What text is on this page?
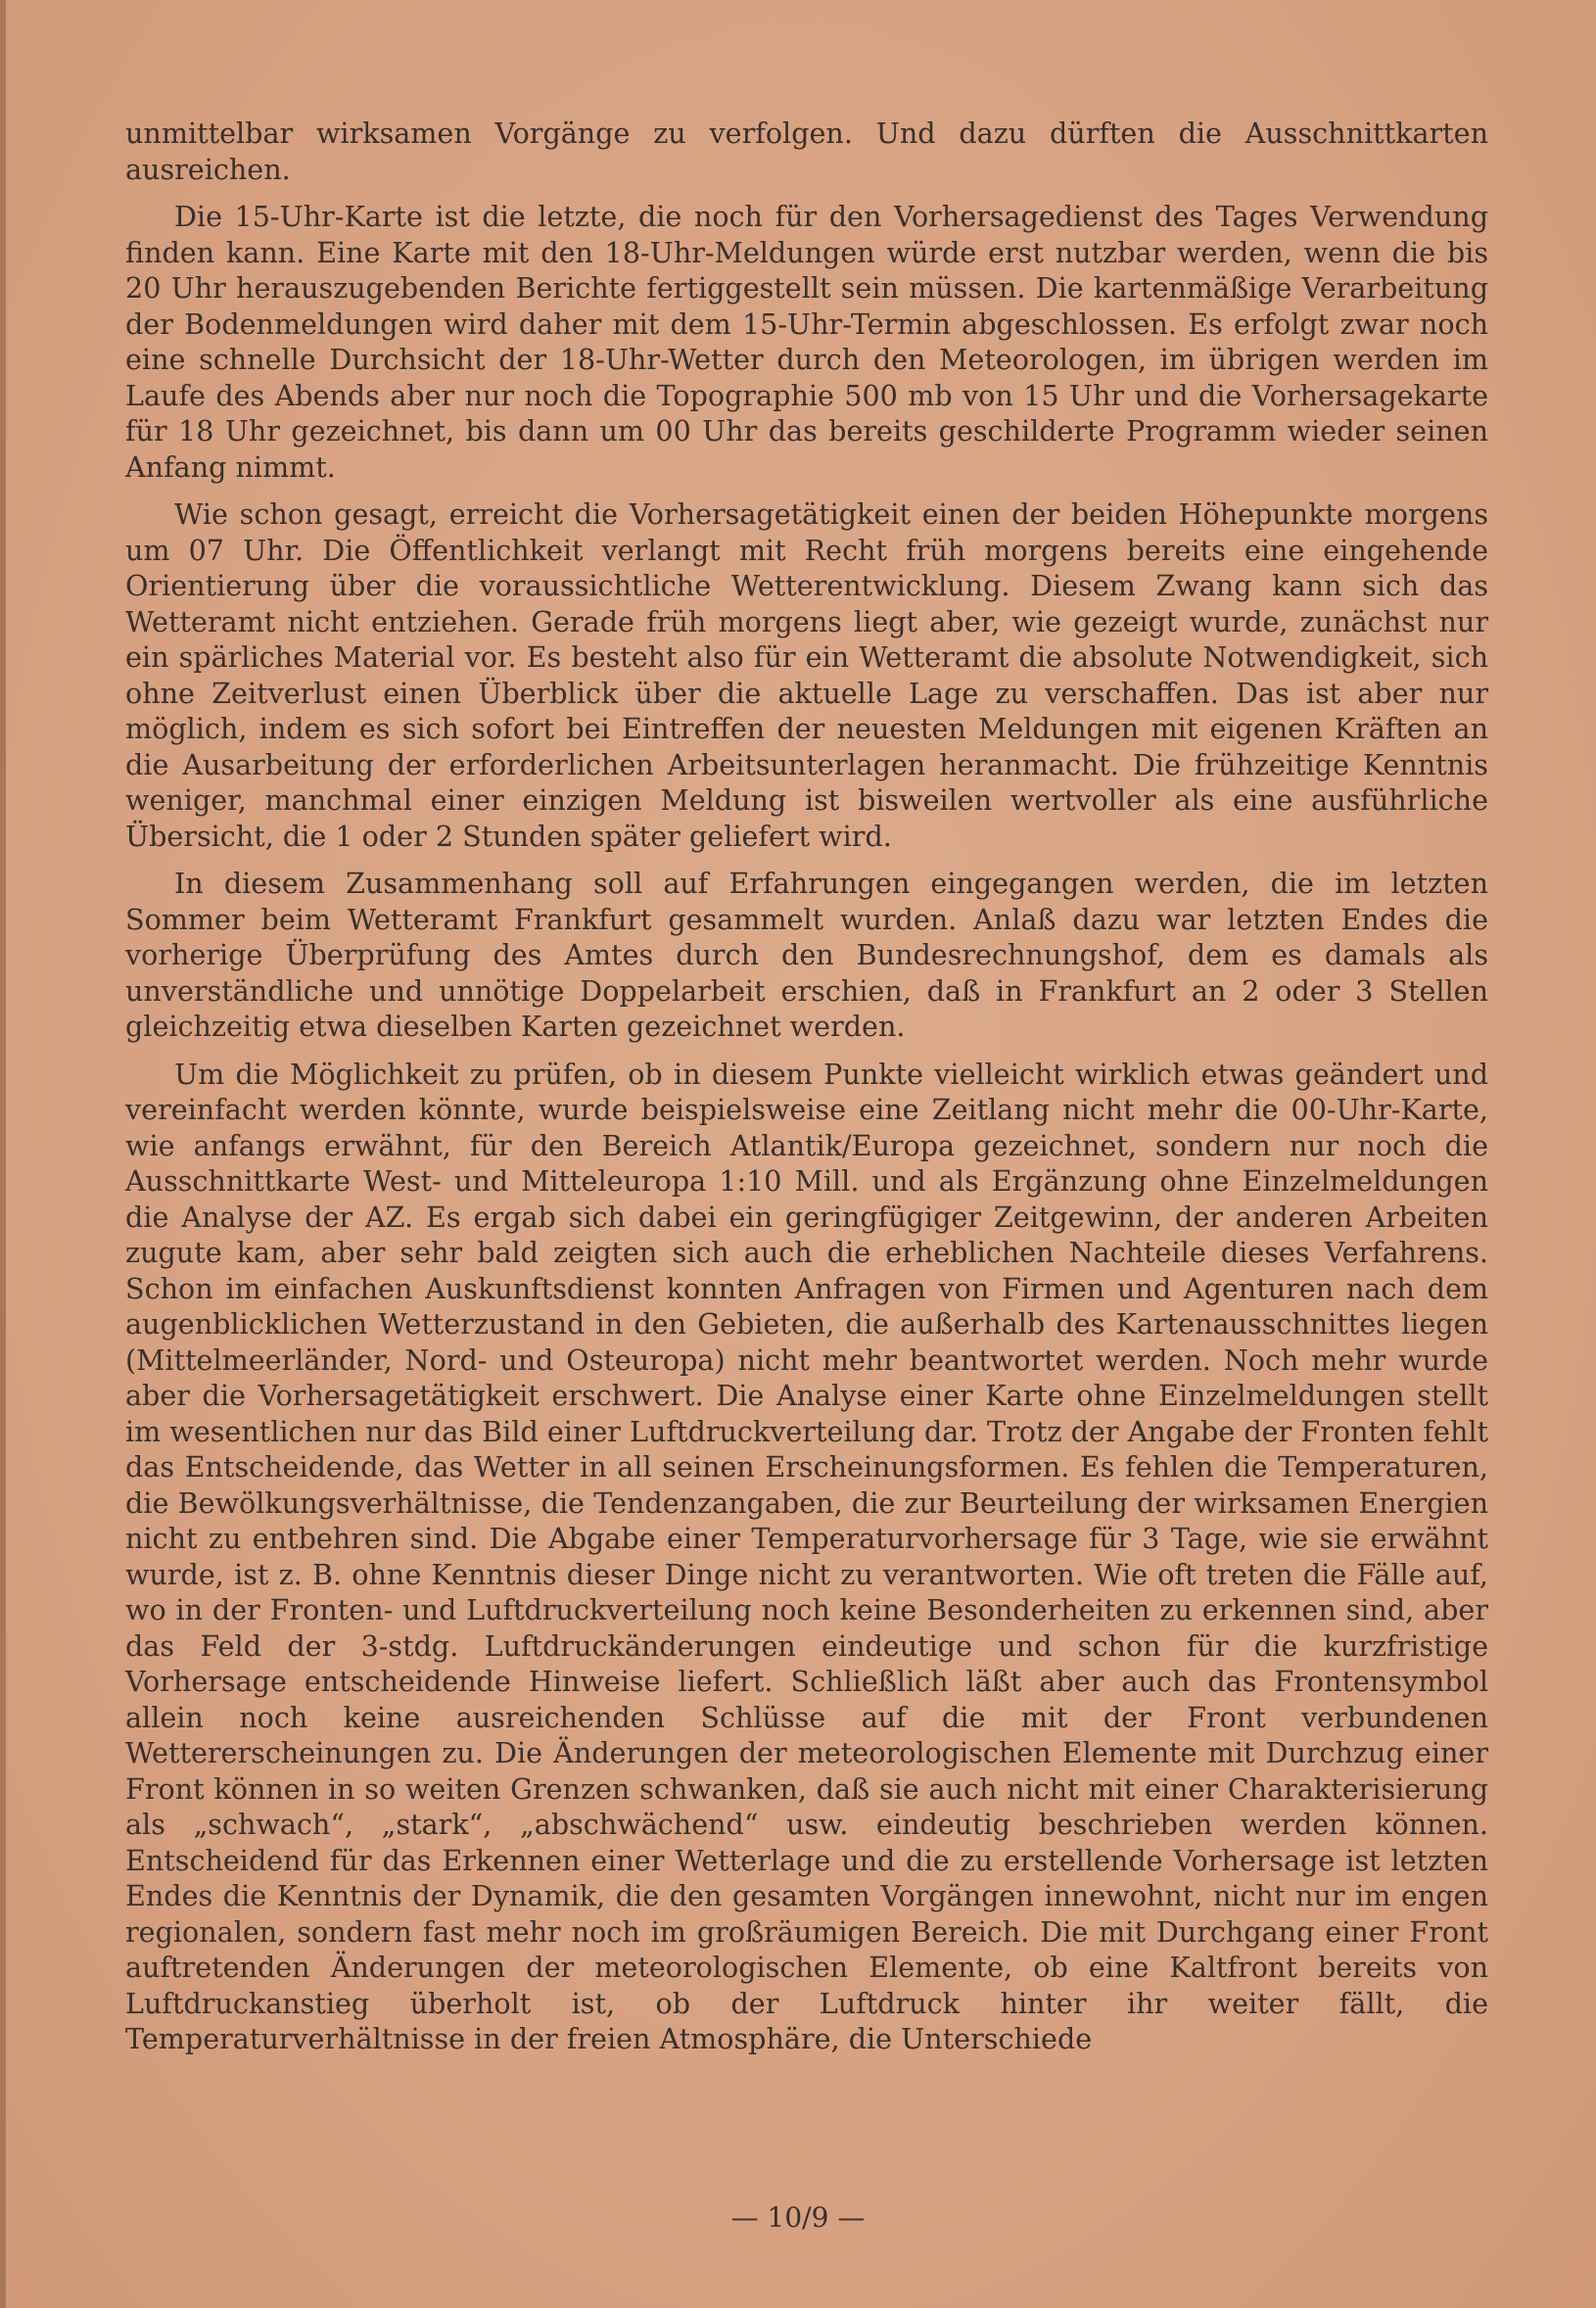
unmittelbar wirksamen Vorgänge zu verfolgen. Und dazu dürften die Ausschnittkarten ausreichen.

Die 15-Uhr-Karte ist die letzte, die noch für den Vorhersagedienst des Tages Verwendung finden kann. Eine Karte mit den 18-Uhr-Meldungen würde erst nutzbar werden, wenn die bis 20 Uhr herauszugebenden Berichte fertiggestellt sein müssen. Die kartenmäßige Verarbeitung der Bodenmeldungen wird daher mit dem 15-Uhr-Termin abgeschlossen. Es erfolgt zwar noch eine schnelle Durchsicht der 18-Uhr-Wetter durch den Meteorologen, im übrigen werden im Laufe des Abends aber nur noch die Topographie 500 mb von 15 Uhr und die Vorhersagekarte für 18 Uhr gezeichnet, bis dann um 00 Uhr das bereits geschilderte Programm wieder seinen Anfang nimmt.

Wie schon gesagt, erreicht die Vorhersagetätigkeit einen der beiden Höhepunkte morgens um 07 Uhr. Die Öffentlichkeit verlangt mit Recht früh morgens bereits eine eingehende Orientierung über die voraussichtliche Wetterentwicklung. Diesem Zwang kann sich das Wetteramt nicht entziehen. Gerade früh morgens liegt aber, wie gezeigt wurde, zunächst nur ein spärliches Material vor. Es besteht also für ein Wetteramt die absolute Notwendigkeit, sich ohne Zeitverlust einen Überblick über die aktuelle Lage zu verschaffen. Das ist aber nur möglich, indem es sich sofort bei Eintreffen der neuesten Meldungen mit eigenen Kräften an die Ausarbeitung der erforderlichen Arbeitsunterlagen heranmacht. Die frühzeitige Kenntnis weniger, manchmal einer einzigen Meldung ist bisweilen wertvoller als eine ausführliche Übersicht, die 1 oder 2 Stunden später geliefert wird.

In diesem Zusammenhang soll auf Erfahrungen eingegangen werden, die im letzten Sommer beim Wetteramt Frankfurt gesammelt wurden. Anlaß dazu war letzten Endes die vorherige Überprüfung des Amtes durch den Bundesrechnungshof, dem es damals als unverständliche und unnötige Doppelarbeit erschien, daß in Frankfurt an 2 oder 3 Stellen gleichzeitig etwa dieselben Karten gezeichnet werden.

Um die Möglichkeit zu prüfen, ob in diesem Punkte vielleicht wirklich etwas geändert und vereinfacht werden könnte, wurde beispielsweise eine Zeitlang nicht mehr die 00-Uhr-Karte, wie anfangs erwähnt, für den Bereich Atlantik/Europa gezeichnet, sondern nur noch die Ausschnittkarte West- und Mitteleuropa 1:10 Mill. und als Ergänzung ohne Einzelmeldungen die Analyse der AZ. Es ergab sich dabei ein geringfügiger Zeitgewinn, der anderen Arbeiten zugute kam, aber sehr bald zeigten sich auch die erheblichen Nachteile dieses Verfahrens. Schon im einfachen Auskunftsdienst konnten Anfragen von Firmen und Agenturen nach dem augenblicklichen Wetterzustand in den Gebieten, die außerhalb des Kartenausschnittes liegen (Mittelmeerländer, Nord- und Osteuropa) nicht mehr beantwortet werden. Noch mehr wurde aber die Vorhersagetätigkeit erschwert. Die Analyse einer Karte ohne Einzelmeldungen stellt im wesentlichen nur das Bild einer Luftdruckverteilung dar. Trotz der Angabe der Fronten fehlt das Entscheidende, das Wetter in all seinen Erscheinungsformen. Es fehlen die Temperaturen, die Bewölkungsverhältnisse, die Tendenzangaben, die zur Beurteilung der wirksamen Energien nicht zu entbehren sind. Die Abgabe einer Temperaturvorhersage für 3 Tage, wie sie erwähnt wurde, ist z. B. ohne Kenntnis dieser Dinge nicht zu verantworten. Wie oft treten die Fälle auf, wo in der Fronten- und Luftdruckverteilung noch keine Besonderheiten zu erkennen sind, aber das Feld der 3-stdg. Luftdruckänderungen eindeutige und schon für die kurzfristige Vorhersage entscheidende Hinweise liefert. Schließlich läßt aber auch das Frontensymbol allein noch keine ausreichenden Schlüsse auf die mit der Front verbundenen Wettererscheinungen zu. Die Änderungen der meteorologischen Elemente mit Durchzug einer Front können in so weiten Grenzen schwanken, daß sie auch nicht mit einer Charakterisierung als „schwach“, „stark“, „abschwächend“ usw. eindeutig beschrieben werden können. Entscheidend für das Erkennen einer Wetterlage und die zu erstellende Vorhersage ist letzten Endes die Kenntnis der Dynamik, die den gesamten Vorgängen innewohnt, nicht nur im engen regionalen, sondern fast mehr noch im großräumigen Bereich. Die mit Durchgang einer Front auftretenden Änderungen der meteorologischen Elemente, ob eine Kaltfront bereits von Luftdruckanstieg überholt ist, ob der Luftdruck hinter ihr weiter fällt, die Temperaturverhältnisse in der freien Atmosphäre, die Unterschiede

— 10/9 —
